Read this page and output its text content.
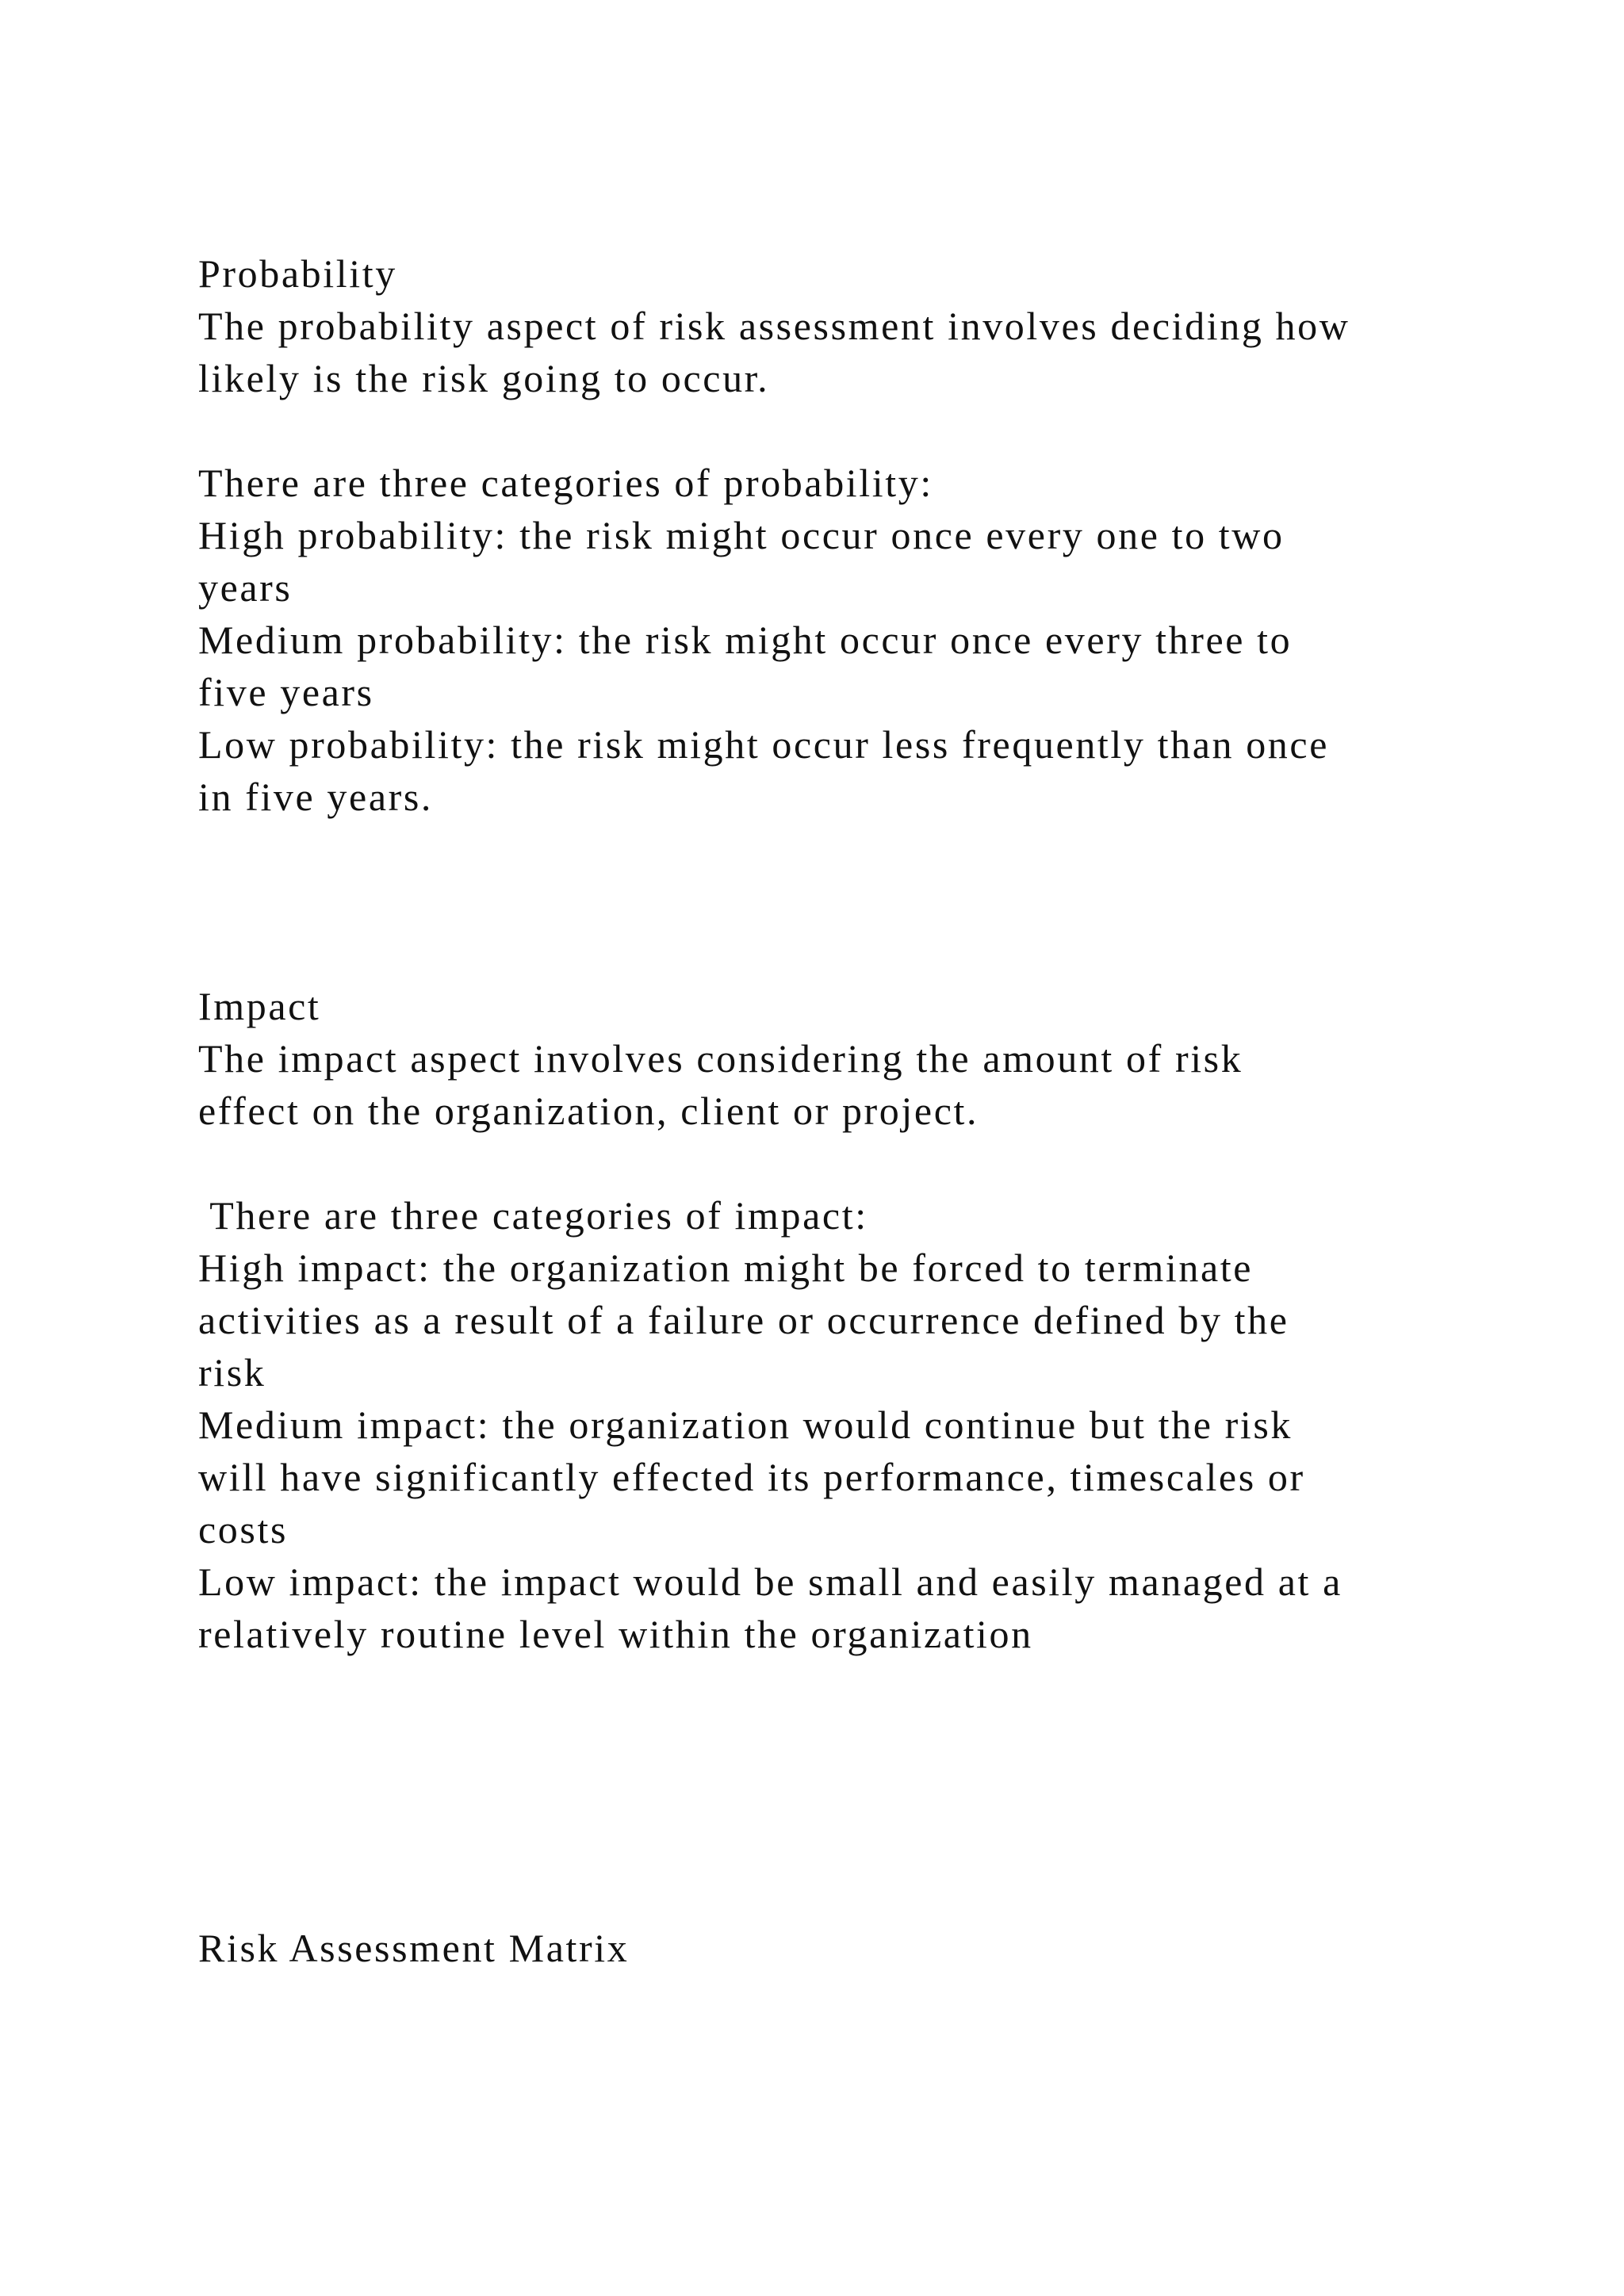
Probability

The probability aspect of risk assessment involves deciding how

likely is the risk going to occur.

There are three categories of probability:

High probability: the risk might occur once every one to two

years

Medium probability: the risk might occur once every three to

five years

Low probability: the risk might occur less frequently than once

in five years.

Impact

The impact aspect involves considering the amount of risk

effect on the organization, client or project.

There are three categories of impact:

High impact: the organization might be forced to terminate

activities as a result of a failure or occurrence defined by the

risk

Medium impact: the organization would continue but the risk

will have significantly effected its performance, timescales or

costs

Low impact: the impact would be small and easily managed at a

relatively routine level within the organization

Risk Assessment Matrix
